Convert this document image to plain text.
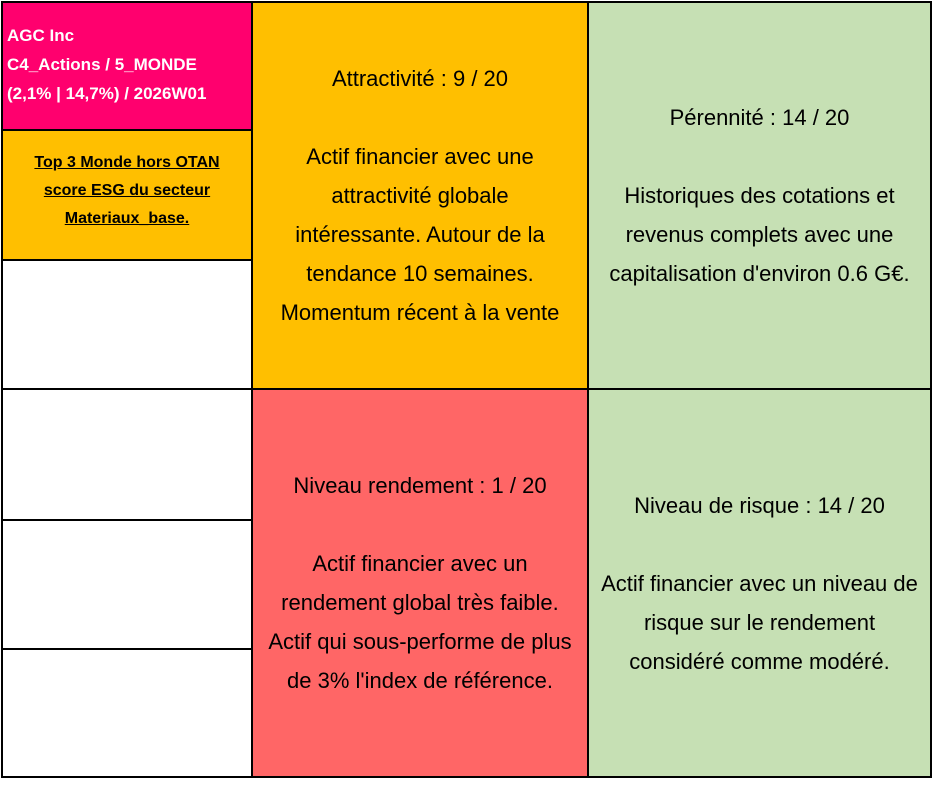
AGC Inc
C4_Actions / 5_MONDE
(2,1% | 14,7%) / 2026W01
Top 3 Monde hors OTAN
score ESG du secteur
Materiaux_base.
Attractivité : 9 / 20
Actif financier avec une
attractivité globale
intéressante. Autour de la
tendance 10 semaines.
Momentum récent à la vente
Pérennité : 14 / 20
Historiques des cotations et
revenus complets avec une
capitalisation d'environ 0.6 G€.
Niveau rendement : 1 / 20
Actif financier avec un
rendement global très faible.
Actif qui sous-performe de plus
de 3% l'index de référence.
Niveau de risque : 14 / 20
Actif financier avec un niveau de
risque sur le rendement
considéré comme modéré.
